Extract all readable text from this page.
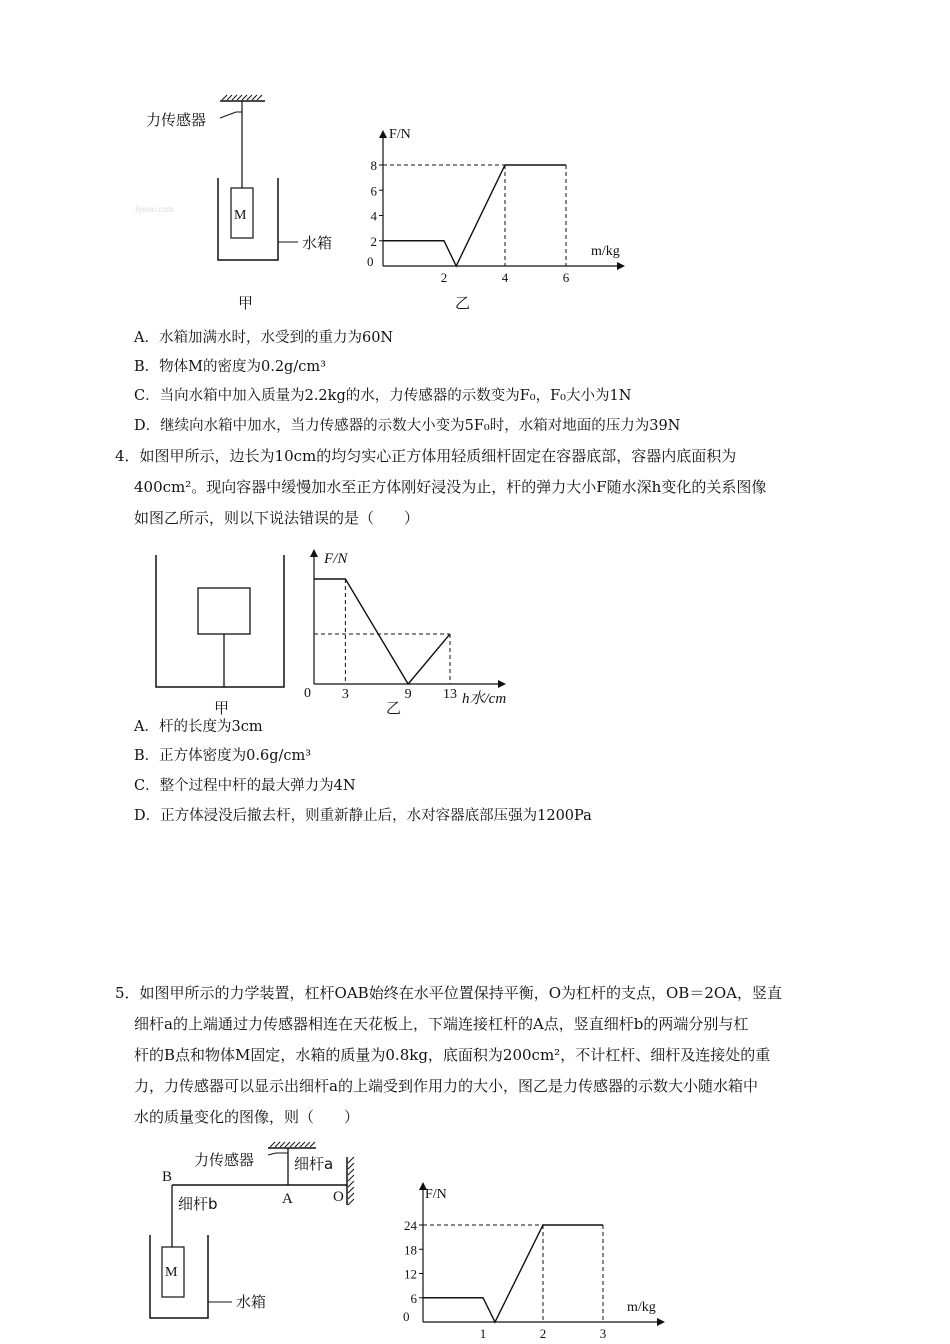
力传感器
M
水箱
Jyeoo.com
甲
F/N
m/kg
0
2
4
6
8
2	4	6
乙
A．水箱加满水时，水受到的重力为60N
B．物体M的密度为0.2g/cm³
C．当向水箱中加入质量为2.2kg的水，力传感器的示数变为F₀，F₀大小为1N
D．继续向水箱中加水，当力传感器的示数大小变为5F₀时，水箱对地面的压力为39N
4．如图甲所示，边长为10cm的均匀实心正方体用轻质细杆固定在容器底部，容器内底面积为
400cm²。现向容器中缓慢加水至正方体刚好浸没为止，杆的弹力大小F随水深h变化的关系图像
如图乙所示，则以下说法错误的是（　　）
甲
F/N
h水/cm
0 3	9 13
乙
A．杆的长度为3cm
B．正方体密度为0.6g/cm³
C．整个过程中杆的最大弹力为4N
D．正方体浸没后撤去杆，则重新静止后，水对容器底部压强为1200Pa
5．如图甲所示的力学装置，杠杆OAB始终在水平位置保持平衡，O为杠杆的支点，OB＝2OA，竖直
细杆a的上端通过力传感器相连在天花板上，下端连接杠杆的A点，竖直细杆b的两端分别与杠
杆的B点和物体M固定，水箱的质量为0.8kg，底面积为200cm²，不计杠杆、细杆及连接处的重
力，力传感器可以显示出细杆a的上端受到作用力的大小，图乙是力传感器的示数大小随水箱中
水的质量变化的图像，则（　　）
力传感器	细杆a
B
A	O
细杆b
M
水箱
F/N
m/kg
0
6
12
18
24
1	2	3
